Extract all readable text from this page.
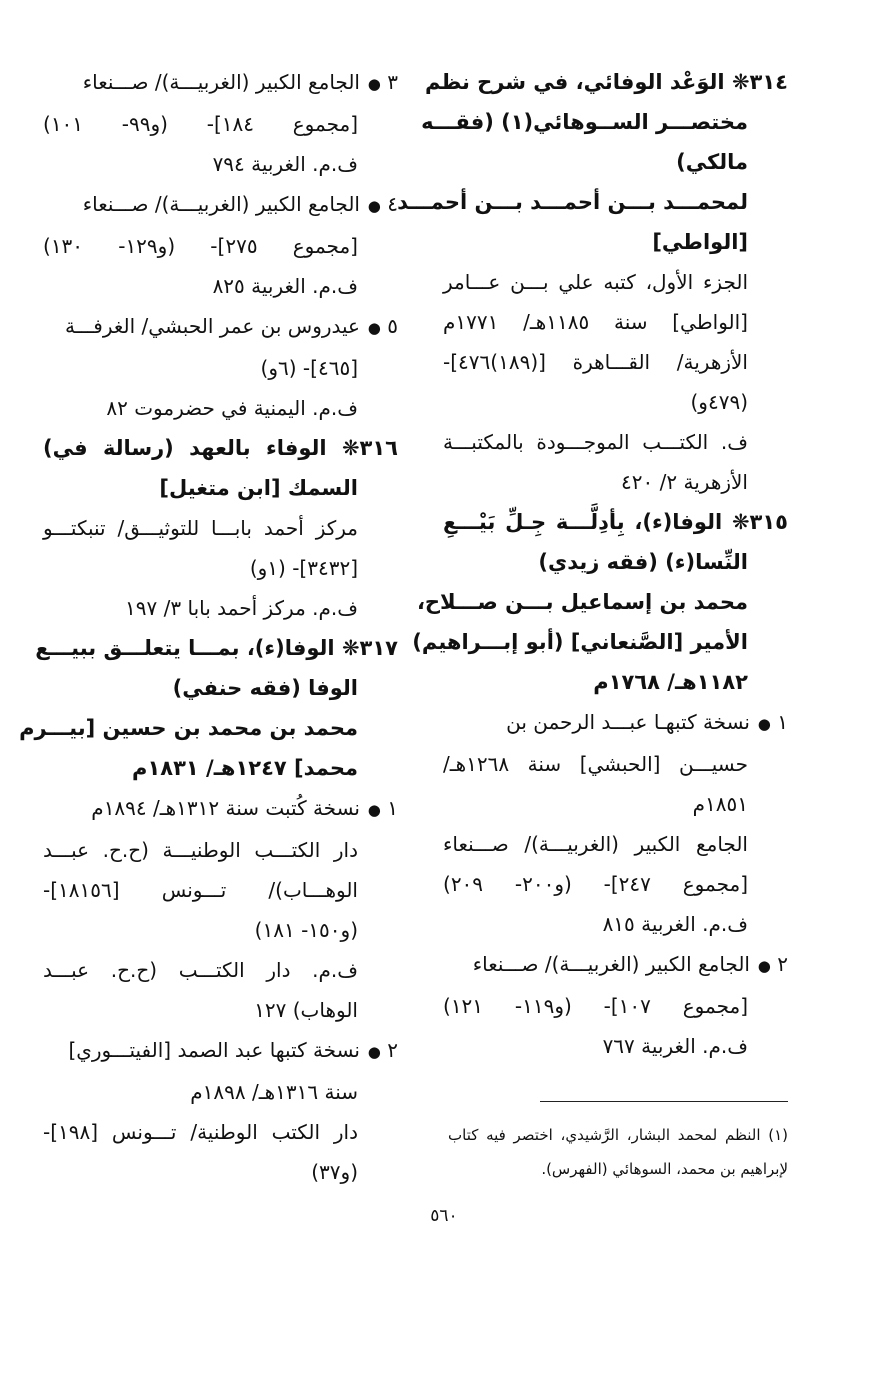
٣١٤❋ الوَعْد الوفائي، في شرح نظم
مختصـــر الســوهائي(١) (فقـــه
مالكي)
لمحمـــد بـــن أحمـــد بـــن أحمـــد
[الواطي]
الجزء الأول، كتبه علي بـــن عـــامر
[الواطي] سنة ١١٨٥هـ/ ١٧٧١م
الأزهرية/ القـــاهرة [(١٨٩)٤٧٦]-
(٤٧٩و)
ف. الكتـــب الموجـــودة بالمكتبـــة
الأزهرية ٢/ ٤٢٠
٣١٥❋ الوفا(ء)، بِأدِلَّـــة جِـلِّ بَيْـــعِ
النِّسا(ء) (فقه زيدي)
محمد بن إسماعيل بـــن صـــلاح،
الأمير [الصَّنعاني] (أبو إبـــراهيم)
١١٨٢هـ/ ١٧٦٨م
١ ●نسخة كتبهـا عبـــد الرحمن بن
حسيـــن [الحبشي] سنة ١٢٦٨هـ/
١٨٥١م
الجامع الكبير (الغربيـــة)/ صـــنعاء
[مجموع ٢٤٧]- (و٢٠٠- ٢٠٩)
ف.م. الغربية ٨١٥
٢ ●الجامع الكبير (الغربيـــة)/ صـــنعاء
[مجموع ١٠٧]- (و١١٩- ١٢١)
ف.م. الغربية ٧٦٧
٣ ●الجامع الكبير (الغربيـــة)/ صـــنعاء
[مجموع ١٨٤]- (و٩٩- ١٠١)
ف.م. الغربية ٧٩٤
٤ ●الجامع الكبير (الغربيـــة)/ صـــنعاء
[مجموع ٢٧٥]- (و١٢٩- ١٣٠)
ف.م. الغربية ٨٢٥
٥ ●عيدروس بن عمر الحبشي/ الغرفـــة
[٤٦٥]- (٦و)
ف.م. اليمنية في حضرموت ٨٢
٣١٦❋ الوفاء بالعهد (رسالة في)
السمك [ابن متغيل]
مركز أحمد بابـــا للتوثيـــق/ تنبكتـــو
[٣٤٣٢]- (١و)
ف.م. مركز أحمد بابا ٣/ ١٩٧
٣١٧❋ الوفا(ء)، بمـــا يتعلـــق ببيـــع
الوفا (فقه حنفي)
محمد بن محمد بن حسين [بيـــرم
محمد] ١٢٤٧هـ/ ١٨٣١م
١ ●نسخة كُتبت سنة ١٣١٢هـ/ ١٨٩٤م
دار الكتـــب الوطنيـــة (ح.ح. عبـــد
الوهـــاب)/ تـــونس [١٨١٥٦]-
(و١٥٠- ١٨١)
ف.م. دار الكتـــب (ح.ح. عبـــد
الوهاب) ١٢٧
٢ ●نسخة كتبها عبد الصمد [الفيتـــوري]
سنة ١٣١٦هـ/ ١٨٩٨م
دار الكتب الوطنية/ تـــونس [١٩٨]-
(و٣٧)
(١) النظم لمحمد البشار، الرَّشيدي، اختصر فيه كتاب
لإبراهيم بن محمد، السوهائي (الفهرس).
٥٦٠
